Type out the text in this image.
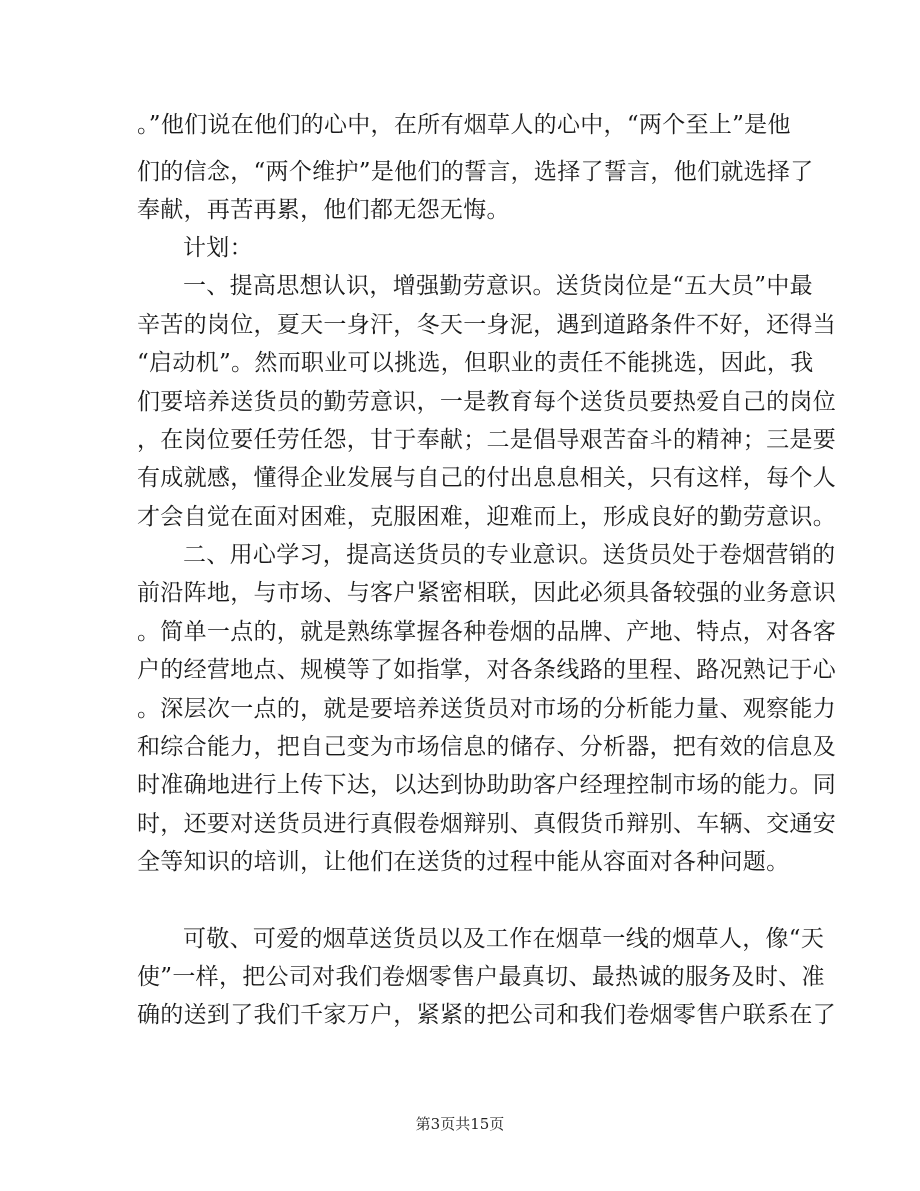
。”他们说在他们的心中，在所有烟草人的心中，“两个至上”是他
们的信念，“两个维护”是他们的誓言，选择了誓言，他们就选择了
奉献，再苦再累，他们都无怨无悔。
计划：
一、提高思想认识，增强勤劳意识。送货岗位是“五大员”中最
辛苦的岗位，夏天一身汗，冬天一身泥，遇到道路条件不好，还得当
“启动机”。然而职业可以挑选，但职业的责任不能挑选，因此，我
们要培养送货员的勤劳意识，一是教育每个送货员要热爱自己的岗位
，在岗位要任劳任怨，甘于奉献；二是倡导艰苦奋斗的精神；三是要
有成就感，懂得企业发展与自己的付出息息相关，只有这样，每个人
才会自觉在面对困难，克服困难，迎难而上，形成良好的勤劳意识。
二、用心学习，提高送货员的专业意识。送货员处于卷烟营销的
前沿阵地，与市场、与客户紧密相联，因此必须具备较强的业务意识
。简单一点的，就是熟练掌握各种卷烟的品牌、产地、特点，对各客
户的经营地点、规模等了如指掌，对各条线路的里程、路况熟记于心
。深层次一点的，就是要培养送货员对市场的分析能力量、观察能力
和综合能力，把自己变为市场信息的储存、分析器，把有效的信息及
时准确地进行上传下达，以达到协助助客户经理控制市场的能力。同
时，还要对送货员进行真假卷烟辩别、真假货币辩别、车辆、交通安
全等知识的培训，让他们在送货的过程中能从容面对各种问题。
可敬、可爱的烟草送货员以及工作在烟草一线的烟草人，像“天
使”一样，把公司对我们卷烟零售户最真切、最热诚的服务及时、准
确的送到了我们千家万户，紧紧的把公司和我们卷烟零售户联系在了
第3页共15页
